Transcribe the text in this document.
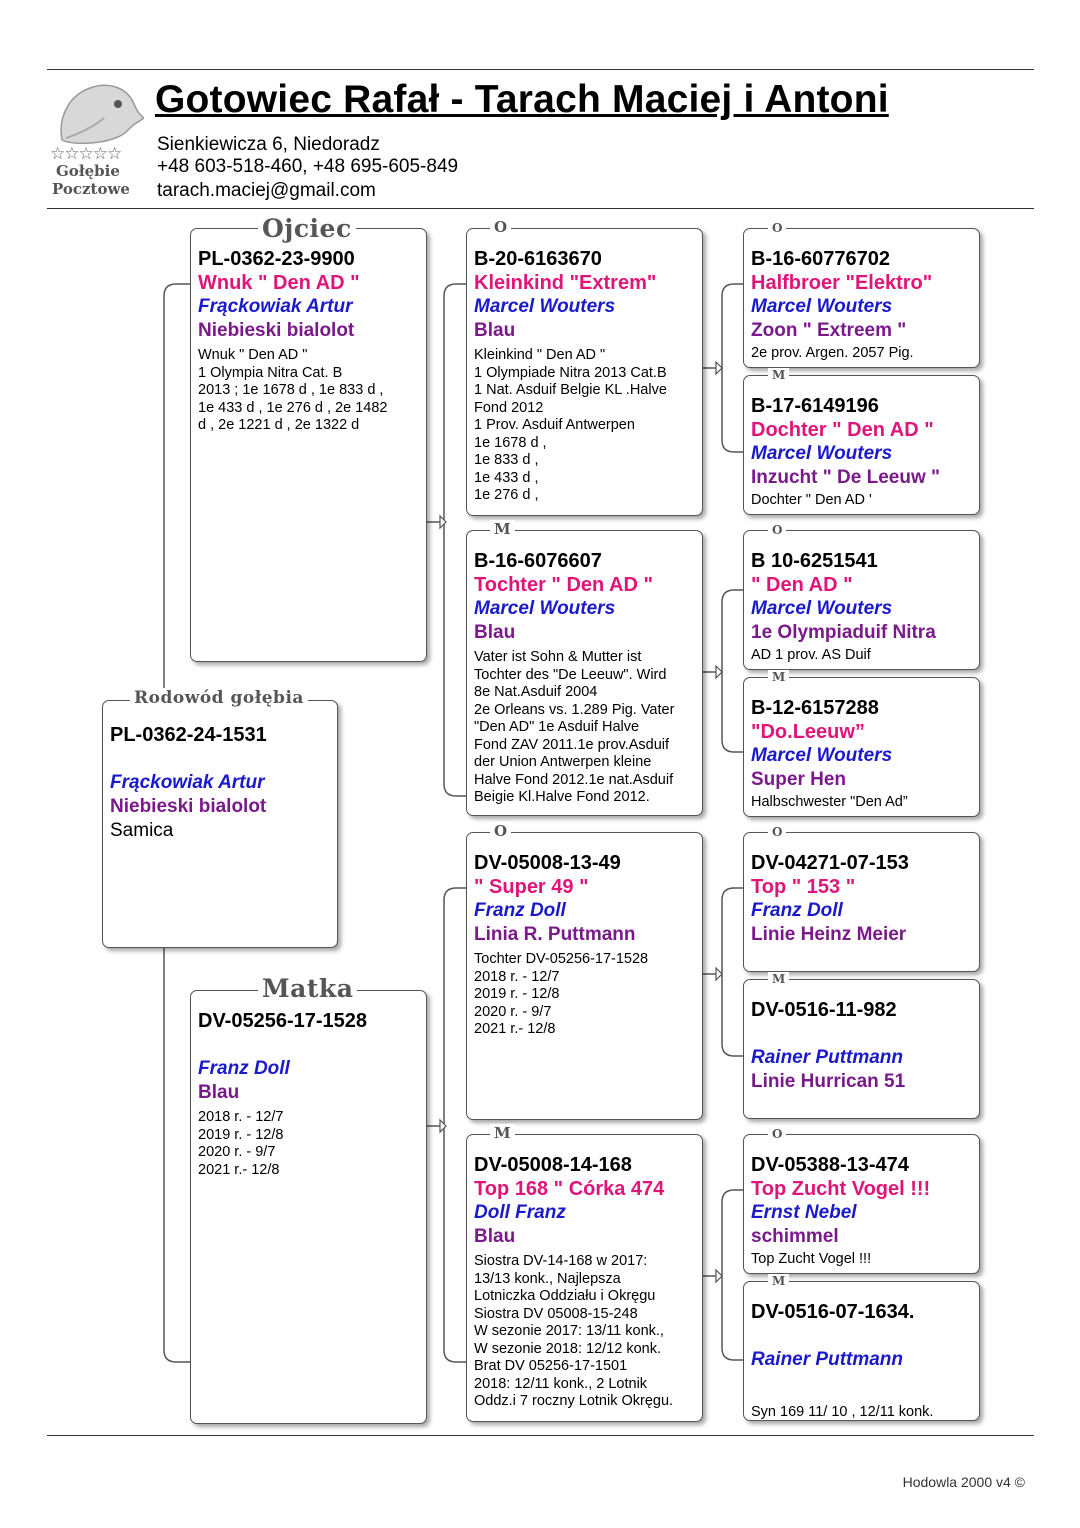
☆☆☆☆☆
Gołębie
Pocztowe
Gotowiec Rafał - Tarach Maciej i Antoni
Sienkiewicza 6, Niedoradz
+48 603-518-460, +48 695-605-849
tarach.maciej@gmail.com
PL-0362-24-1531
Frąckowiak Artur
Niebieski bialolot
Samica
Rodowód gołębia
PL-0362-23-9900
Wnuk " Den AD "
Frąckowiak Artur
Niebieski bialolot
Wnuk " Den AD "
1 Olympia Nitra Cat. B
2013 ; 1e 1678 d , 1e 833 d ,
1e 433 d , 1e 276 d , 2e 1482
d , 2e 1221 d , 2e 1322 d
Ojciec
DV-05256-17-1528
Franz Doll
Blau
2018 r. - 12/7
2019 r. - 12/8
2020 r. - 9/7
2021 r.- 12/8
Matka
B-20-6163670
Kleinkind "Extrem"
Marcel Wouters
Blau
Kleinkind " Den AD "
1 Olympiade Nitra 2013 Cat.B
1 Nat. Asduif Belgie KL .Halve
Fond 2012
1 Prov. Asduif Antwerpen
1e 1678 d ,
1e 833 d ,
1e 433 d ,
1e 276 d ,
O
B-16-6076607
Tochter " Den AD "
Marcel Wouters
Blau
Vater ist Sohn & Mutter ist
Tochter des "De Leeuw". Wird
8e Nat.Asduif 2004
2e Orleans vs. 1.289 Pig. Vater
"Den AD" 1e Asduif Halve
Fond ZAV 2011.1e prov.Asduif
der Union Antwerpen kleine
Halve Fond 2012.1e nat.Asduif
Beigie Kl.Halve Fond 2012.
M
DV-05008-13-49
" Super 49 "
Franz Doll
Linia R. Puttmann
Tochter DV-05256-17-1528
2018 r. - 12/7
2019 r. - 12/8
2020 r. - 9/7
2021 r.- 12/8
O
DV-05008-14-168
Top 168 " Córka 474
Doll Franz
Blau
Siostra DV-14-168 w 2017:
13/13 konk., Najlepsza
Lotniczka Oddziału i Okręgu
Siostra DV 05008-15-248
W sezonie 2017: 13/11 konk.,
W sezonie 2018: 12/12 konk.
Brat DV 05256-17-1501
2018: 12/11 konk., 2 Lotnik
Oddz.i 7 roczny Lotnik Okręgu.
M
B-16-60776702
Halfbroer "Elektro"
Marcel Wouters
Zoon " Extreem "
2e prov. Argen. 2057 Pig.
O
B-17-6149196
Dochter " Den AD "
Marcel Wouters
Inzucht " De Leeuw "
Dochter " Den AD '
M
B 10-6251541
" Den AD "
Marcel Wouters
1e Olympiaduif Nitra
AD 1 prov. AS Duif
O
B-12-6157288
"Do.Leeuw”
Marcel Wouters
Super Hen
Halbschwester "Den Ad”
M
DV-04271-07-153
Top " 153 "
Franz Doll
Linie Heinz Meier
O
DV-0516-11-982
Rainer Puttmann
Linie Hurrican 51
M
DV-05388-13-474
Top Zucht Vogel !!!
Ernst Nebel
schimmel
Top Zucht Vogel !!!
O
DV-0516-07-1634.
Rainer Puttmann
Syn 169 11/ 10 , 12/11 konk.
M
Hodowla 2000 v4 ©
